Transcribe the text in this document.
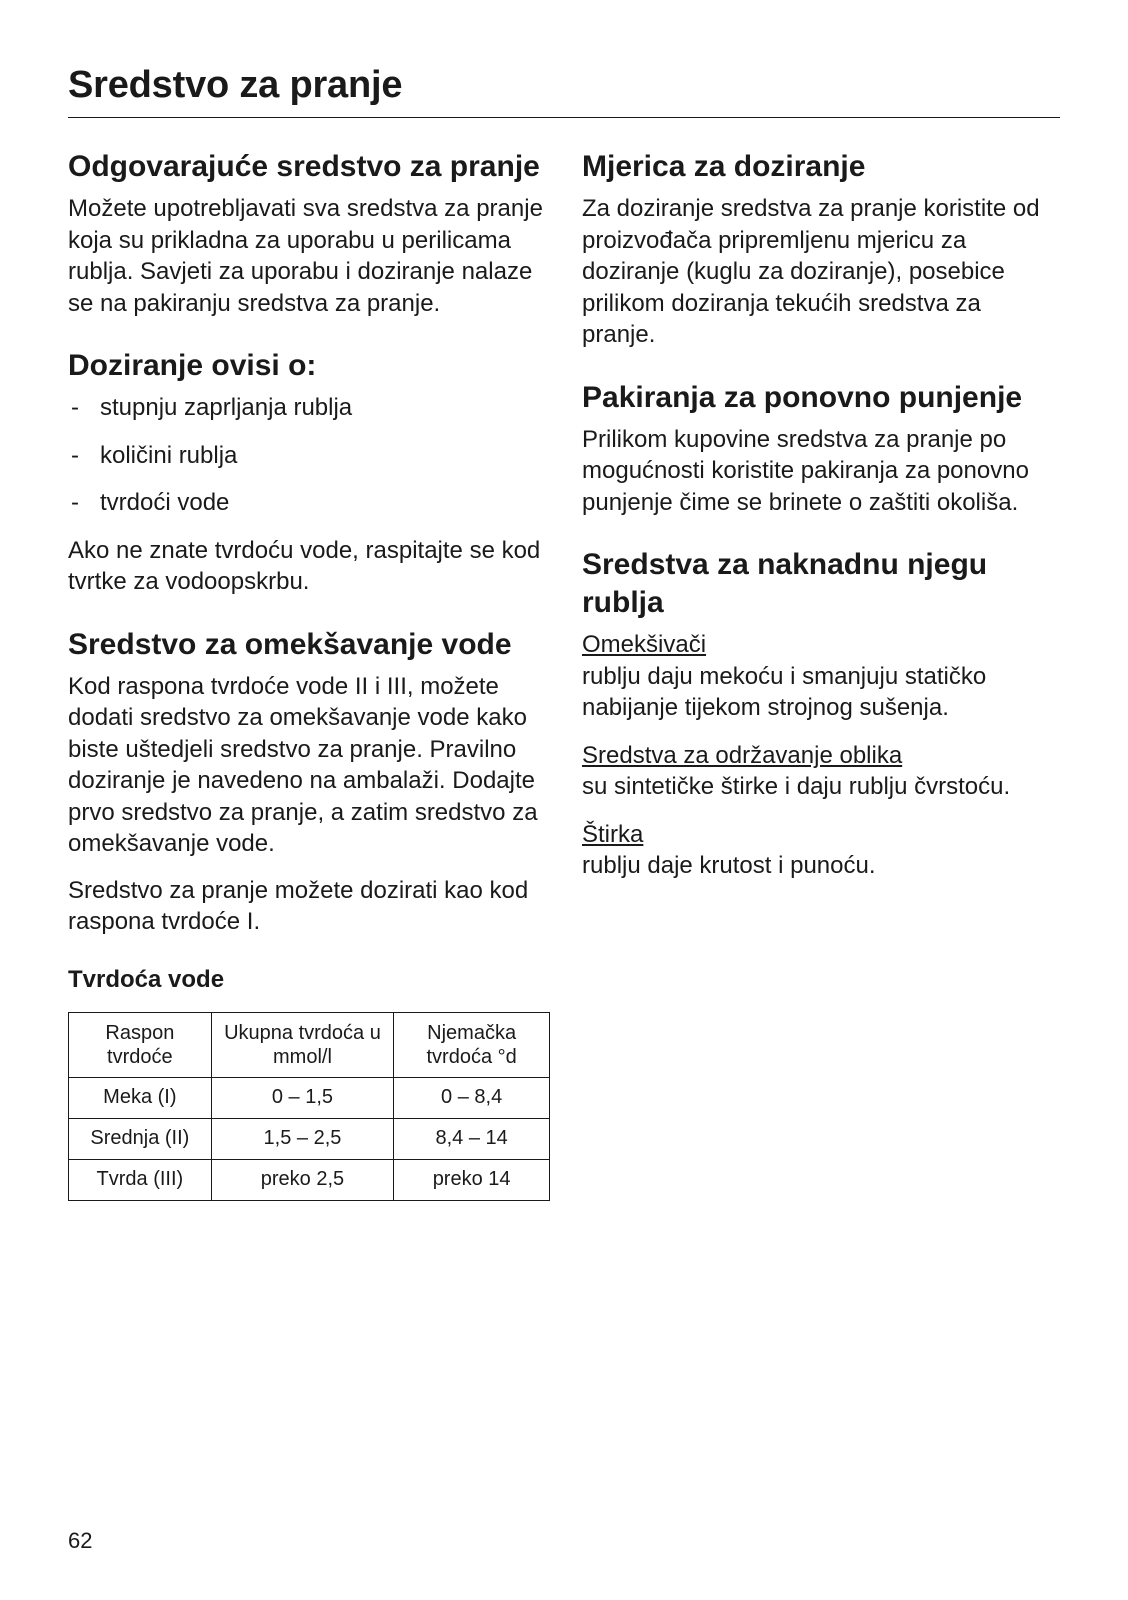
Sredstvo za pranje
Odgovarajuće sredstvo za pranje

Možete upotrebljavati sva sredstva za pranje koja su prikladna za uporabu u perilicama rublja. Savjeti za uporabu i doziranje nalaze se na pakiranju sredstva za pranje.

Doziranje ovisi o:
- stupnju zaprljanja rublja
- količini rublja
- tvrdoći vode

Ako ne znate tvrdoću vode, raspitajte se kod tvrtke za vodoopskrbu.

Sredstvo za omekšavanje vode

Kod raspona tvrdoće vode II i III, možete dodati sredstvo za omekšavanje vode kako biste uštedjeli sredstvo za pranje. Pravilno doziranje je navedeno na ambalaži. Dodajte prvo sredstvo za pranje, a zatim sredstvo za omekšavanje vode.

Sredstvo za pranje možete dozirati kao kod raspona tvrdoće I.

Tvrdoća vode
Raspon tvrdoće	Ukupna tvrdoća u mmol/l	Njemačka tvrdoća °d
Meka (I)	0 – 1,5	0 – 8,4
Srednja (II)	1,5 – 2,5	8,4 – 14
Tvrda (III)	preko 2,5	preko 14
Mjerica za doziranje

Za doziranje sredstva za pranje koristite od proizvođača pripremljenu mjericu za doziranje (kuglu za doziranje), posebice prilikom doziranja tekućih sredstva za pranje.

Pakiranja za ponovno punjenje

Prilikom kupovine sredstva za pranje po mogućnosti koristite pakiranja za ponovno punjenje čime se brinete o zaštiti okoliša.

Sredstva za naknadnu njegu rublja

Omekšivači

rublju daju mekoću i smanjuju statičko nabijanje tijekom strojnog sušenja.

Sredstva za održavanje oblika

su sintetičke štirke i daju rublju čvrstoću.

Štirka

rublju daje krutost i punoću.

62
